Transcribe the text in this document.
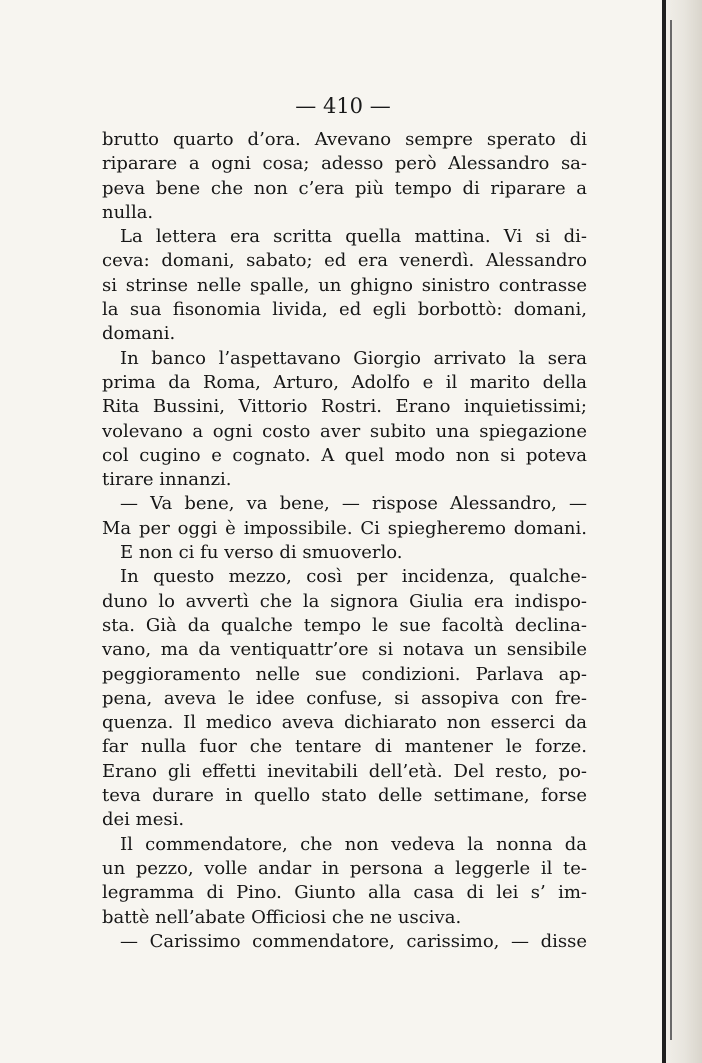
— 410 —
brutto quarto d’ora. Avevano sempre sperato di
riparare a ogni cosa; adesso però Alessandro sa-
peva bene che non c’era più tempo di riparare a
nulla.
La lettera era scritta quella mattina. Vi si di-
ceva: domani, sabato; ed era venerdì. Alessandro
si strinse nelle spalle, un ghigno sinistro contrasse
la sua fisonomia livida, ed egli borbottò: domani,
domani.
In banco l’aspettavano Giorgio arrivato la sera
prima da Roma, Arturo, Adolfo e il marito della
Rita Bussini, Vittorio Rostri. Erano inquietissimi;
volevano a ogni costo aver subito una spiegazione
col cugino e cognato. A quel modo non si poteva
tirare innanzi.
— Va bene, va bene, — rispose Alessandro, —
Ma per oggi è impossibile. Ci spiegheremo domani.
E non ci fu verso di smuoverlo.
In questo mezzo, così per incidenza, qualche-
duno lo avvertì che la signora Giulia era indispo-
sta. Già da qualche tempo le sue facoltà declina-
vano, ma da ventiquattr’ore si notava un sensibile
peggioramento nelle sue condizioni. Parlava ap-
pena, aveva le idee confuse, si assopiva con fre-
quenza. Il medico aveva dichiarato non esserci da
far nulla fuor che tentare di mantener le forze.
Erano gli effetti inevitabili dell’età. Del resto, po-
teva durare in quello stato delle settimane, forse
dei mesi.
Il commendatore, che non vedeva la nonna da
un pezzo, volle andar in persona a leggerle il te-
legramma di Pino. Giunto alla casa di lei s’ im-
battè nell’abate Officiosi che ne usciva.
— Carissimo commendatore, carissimo, — disse
